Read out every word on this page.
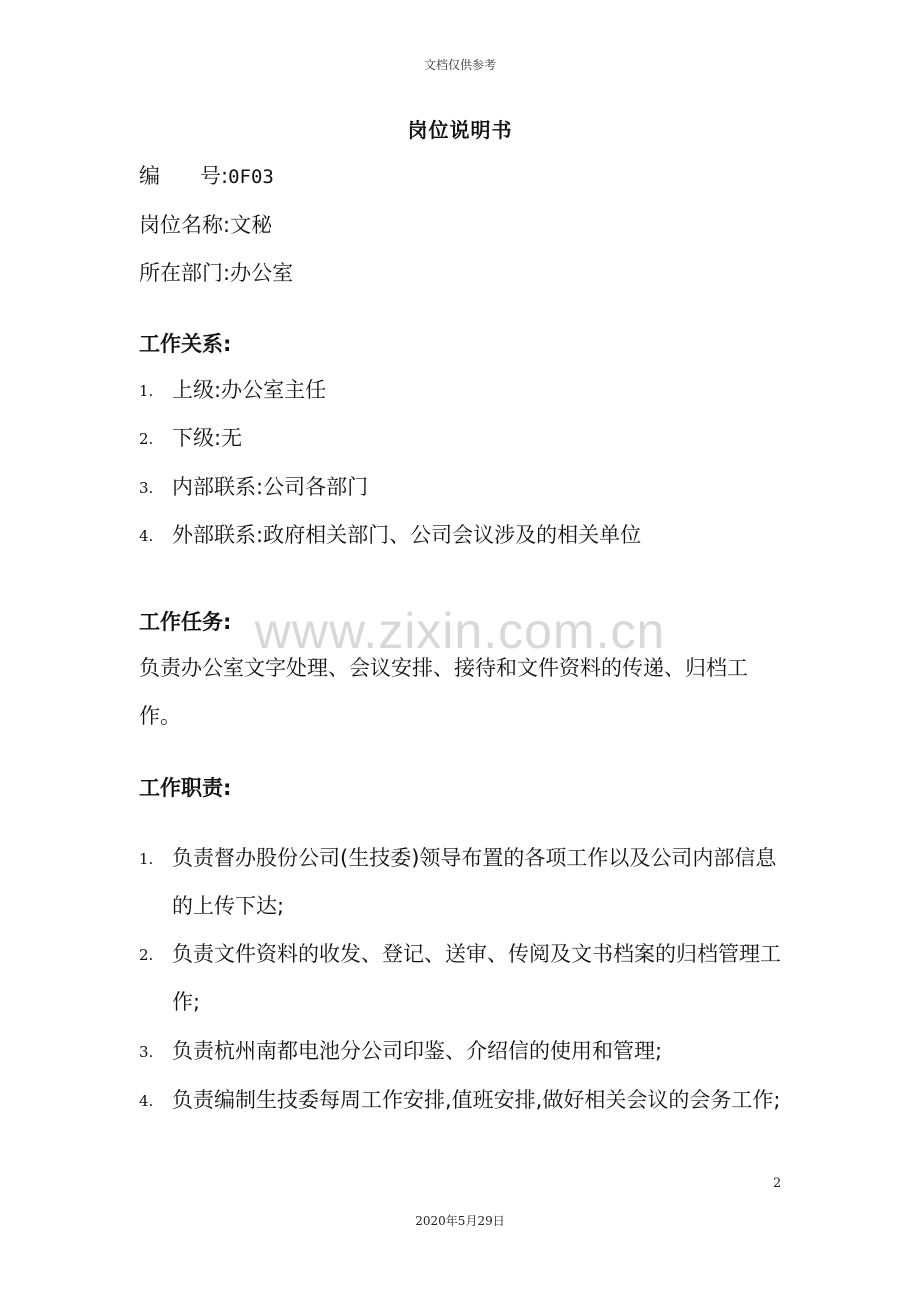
文档仅供参考
岗位说明书
编 号:0F03
岗位名称:文秘
所在部门:办公室
工作关系:
1. 上级:办公室主任
2. 下级:无
3. 内部联系:公司各部门
4. 外部联系:政府相关部门、公司会议涉及的相关单位
www.zixin.com.cn
工作任务:
负责办公室文字处理、会议安排、接待和文件资料的传递、归档工作。
工作职责:
1. 负责督办股份公司(生技委)领导布置的各项工作以及公司内部信息的上传下达;
2. 负责文件资料的收发、登记、送审、传阅及文书档案的归档管理工作;
3. 负责杭州南都电池分公司印鉴、介绍信的使用和管理;
4. 负责编制生技委每周工作安排,值班安排,做好相关会议的会务工作;
2
2020年5月29日
